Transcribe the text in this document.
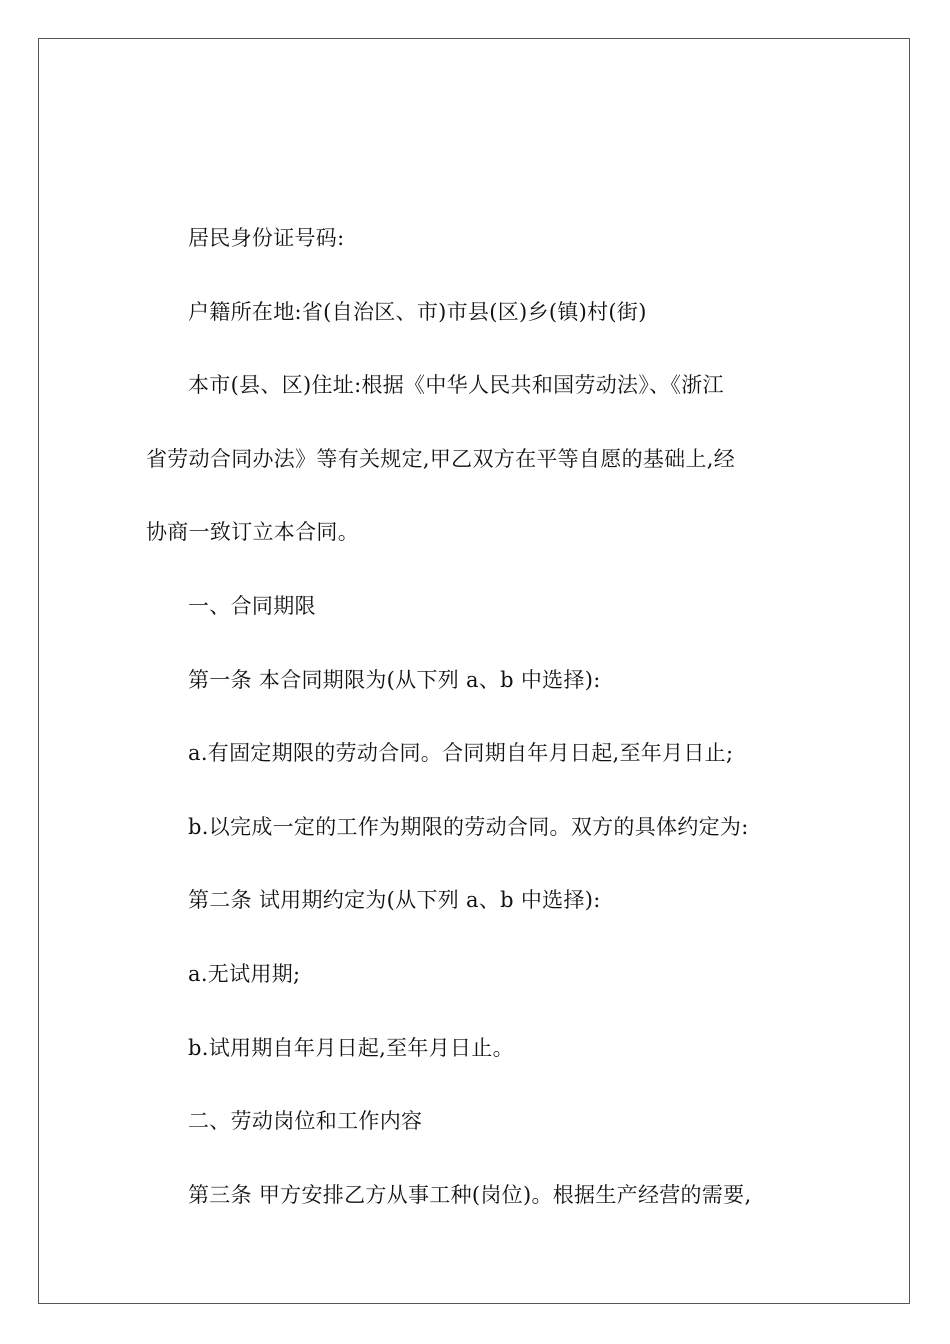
居民身份证号码:

户籍所在地:省(自治区、市)市县(区)乡(镇)村(街)

本市(县、区)住址:根据《中华人民共和国劳动法》、《浙江

省劳动合同办法》等有关规定,甲乙双方在平等自愿的基础上,经

协商一致订立本合同。

一、合同期限

第一条 本合同期限为(从下列 a、b 中选择):

a.有固定期限的劳动合同。合同期自年月日起,至年月日止;

b.以完成一定的工作为期限的劳动合同。双方的具体约定为:

第二条 试用期约定为(从下列 a、b 中选择):

a.无试用期;

b.试用期自年月日起,至年月日止。

二、劳动岗位和工作内容

第三条 甲方安排乙方从事工种(岗位)。根据生产经营的需要,
